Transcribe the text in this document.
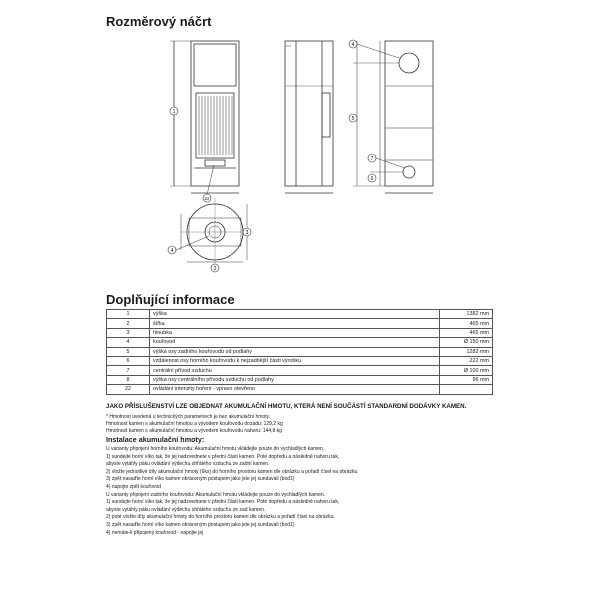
Rozměrový náčrt
1
22
4
5
7
6
4
2
3
Doplňující informace
1	výška	1382 mm
2	šířka	465 mm
3	hloubka	465 mm
4	kouřovod	Ø 150 mm
5	výška osy zadního kouřovodu od podlahy	1282 mm
6	vzdálenost osy horního kouřovodu k nejzadnější části výrobku	222 mm
7	centrální přívod vzduchu	Ø 100 mm
8	výška osy centrálního přívodu vzduchu od podlahy	96 mm
22	ovládání intenzity hoření - vpravo otevřeno	
JAKO PŘÍSLUŠENSTVÍ LZE OBJEDNAT AKUMULAČNÍ HMOTU, KTERÁ NENÍ SOUČÁSTÍ STANDARDNÍ DODÁVKY KAMEN.
* Hmotnost uvedená u technických parametrech je bez akumulační hmoty.
Hmotnost kamen s akumulační hmotou a vývodem kouřovodu dozadu: 129,2 kg
Hmotnost kamen s akumulační hmotou a vývodem kouřovodu nahoru: 144,8 kg
Instalace akumulační hmoty:
U varianty připojení horního kouřovodu: Akumulační hmotu vkládejte pouze do vychladlých kamen.
1) sundejte horní víko tak, že jej nadzvednete v přední části kamen. Poté dopředu a následně nahoru tak,
abyste vytáhly páku ovládání výdechu ohřátého vzduchu ze zadní kamen.
2) vložte jednotlivé díly akumulační hmoty (6ks) do horního prostoru kamen dle obrázku a pořadí čísel na obrázku.
3) zpět nasaďte horní víko kamen obráceným postupem jako jste jej sundavali (bod1)
4) napojte zpět kouřovod
U varianty připojení zadního kouřovodu: Akumulační hmotu vkládejte pouze do vychladlých kamen.
1) sundejte horní víko tak, že jej nadzvednete v přední části kamen. Poté dopředu a následně nahoru tak,
abyste vytáhly páku ovládání výdechu ohřátého vzduchu ze zad kamen.
2) poté vložte díly akumulační hmoty do horního prostoru kamen dle obrázku a pořadí čísel na obrázku.
3) zpět nasaďte horní víko kamen obráceným postupem jako jste jej sundavali (bod1)
4) nemáte-li připojený kouřovod - napojte jej
